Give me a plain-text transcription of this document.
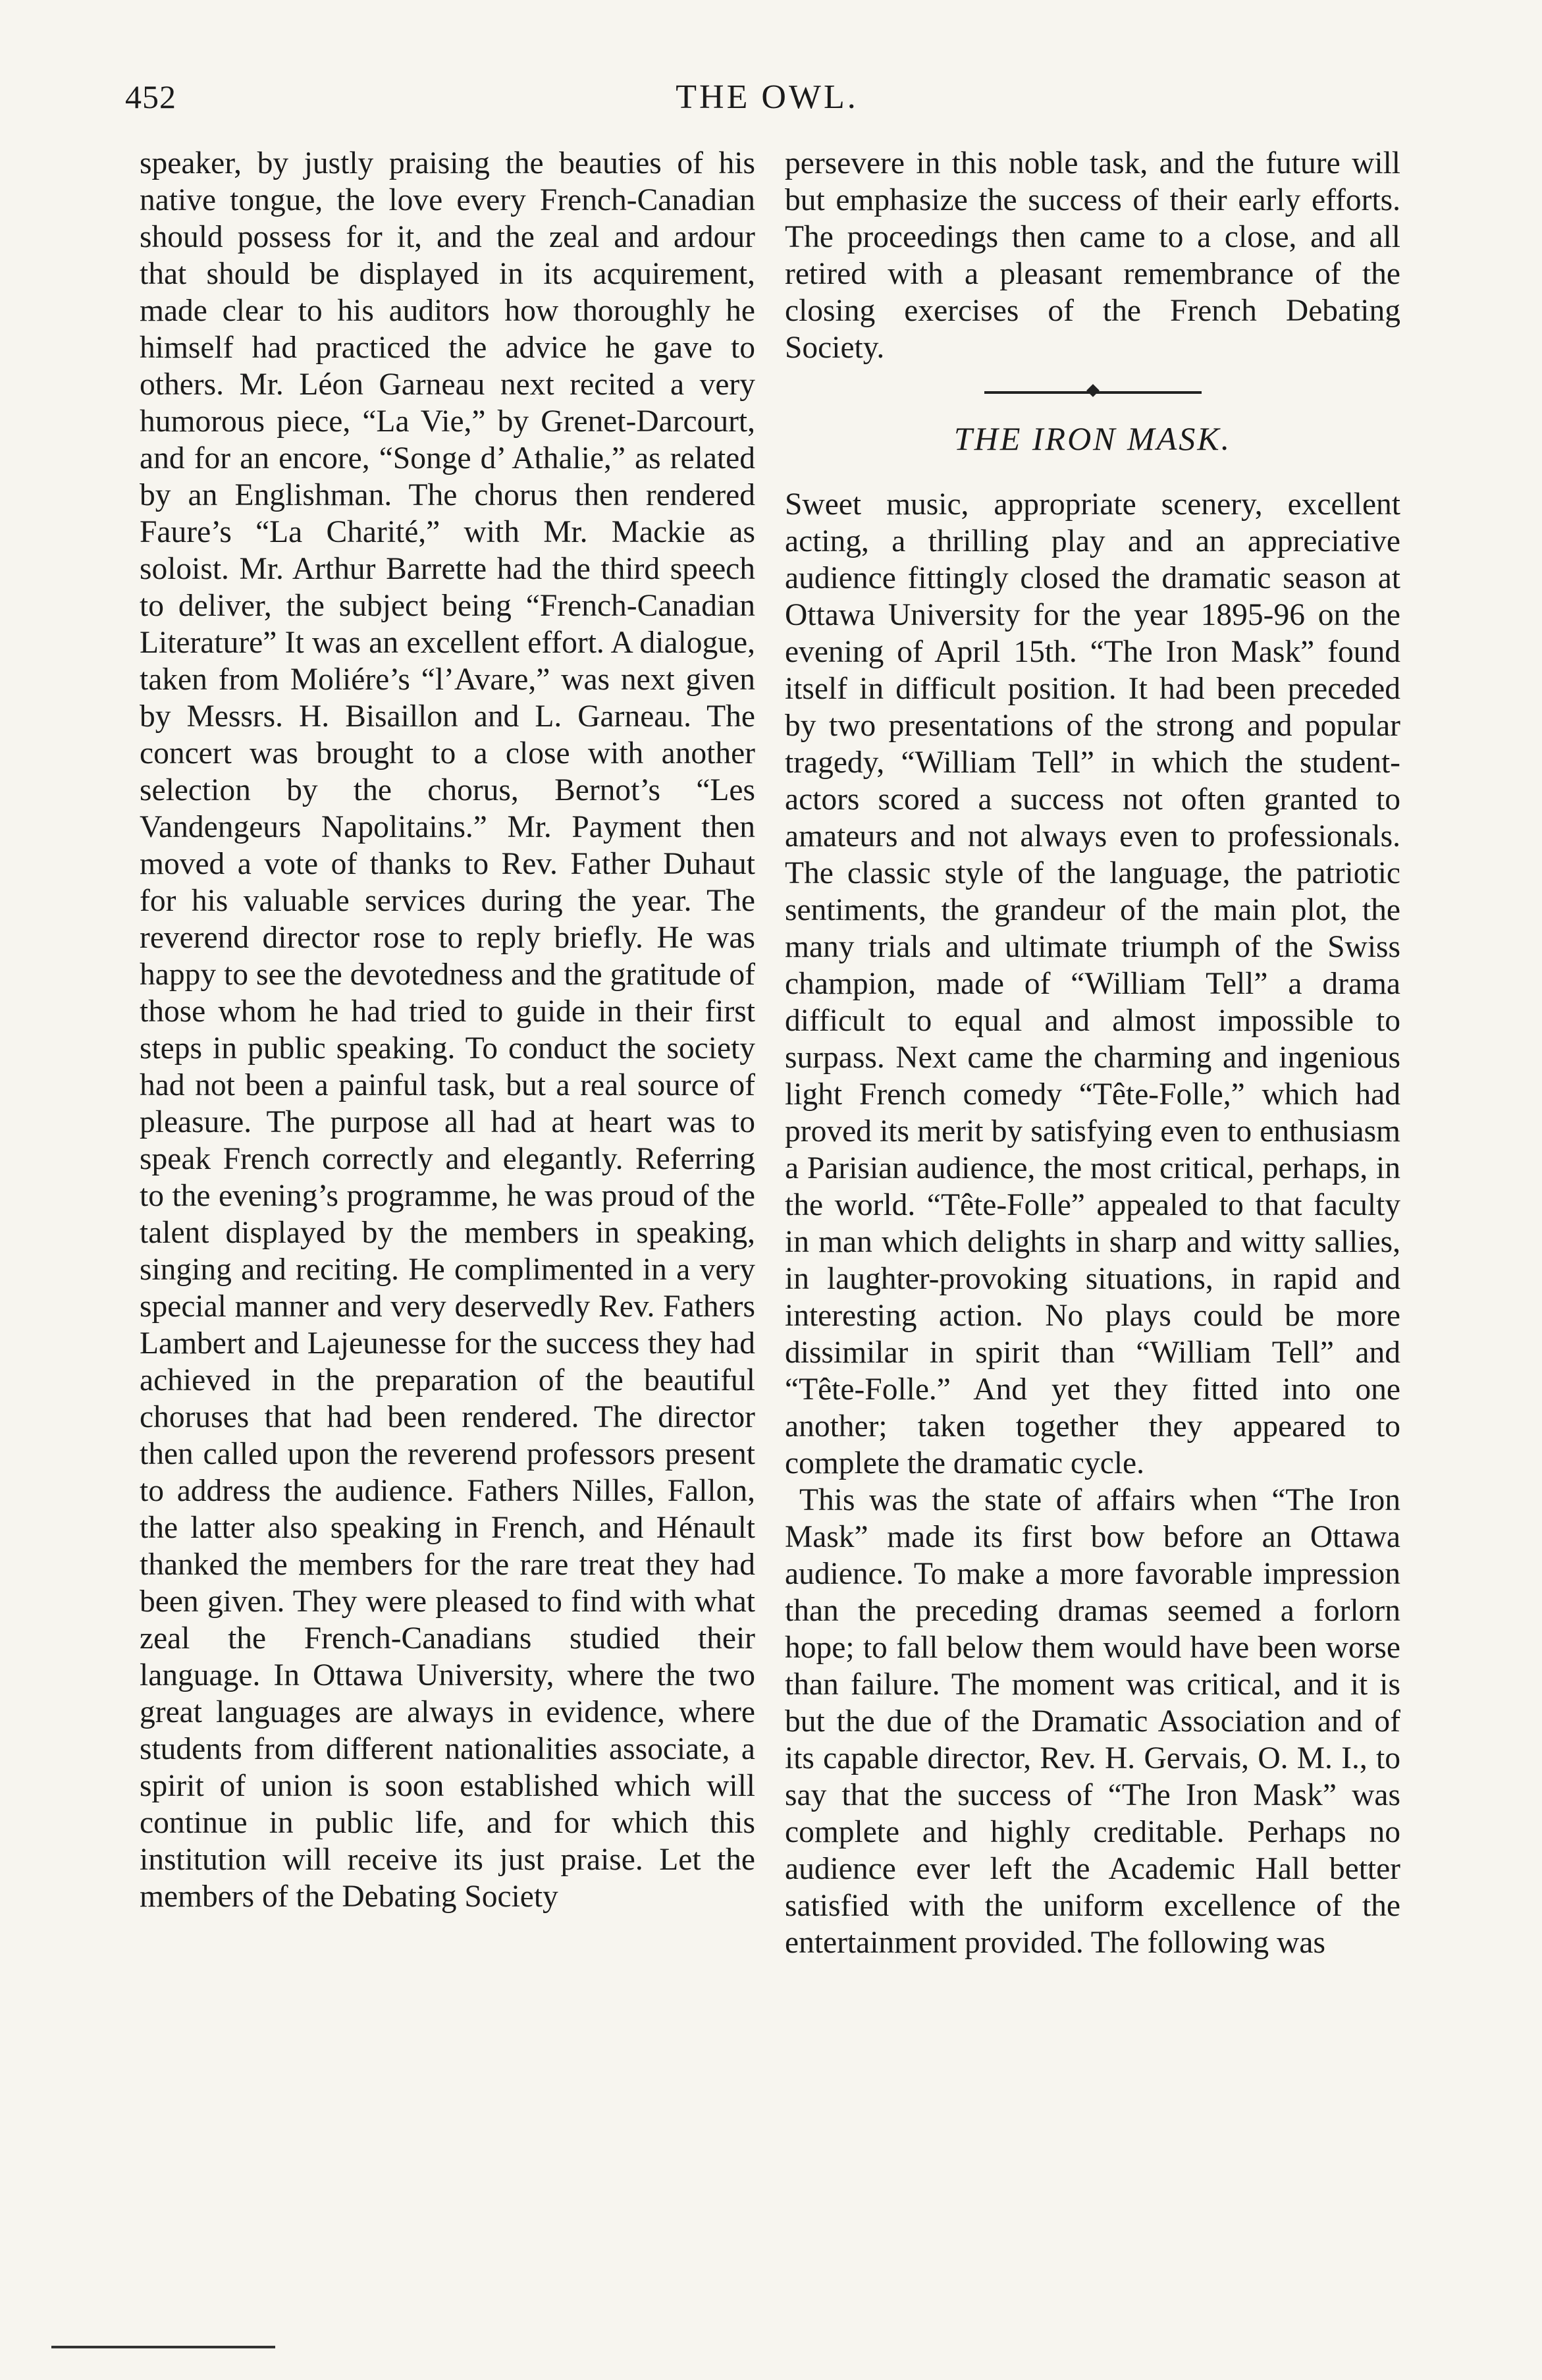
452	THE OWL.

speaker, by justly praising the beauties of his native tongue, the love every French-Canadian should possess for it, and the zeal and ardour that should be displayed in its acquirement, made clear to his auditors how thoroughly he himself had practiced the advice he gave to others. Mr. Léon Garneau next recited a very humorous piece, “La Vie,” by Grenet-Darcourt, and for an encore, “Songe d’ Athalie,” as related by an Englishman. The chorus then rendered Faure’s “La Charité,” with Mr. Mackie as soloist. Mr. Arthur Barrette had the third speech to deliver, the subject being “French-Canadian Literature” It was an excellent effort. A dialogue, taken from Moliére’s “l’Avare,” was next given by Messrs. H. Bisaillon and L. Garneau. The concert was brought to a close with another selection by the chorus, Bernot’s “Les Vandengeurs Napolitains.” Mr. Payment then moved a vote of thanks to Rev. Father Duhaut for his valuable services during the year. The reverend director rose to reply briefly. He was happy to see the devotedness and the gratitude of those whom he had tried to guide in their first steps in public speaking. To conduct the society had not been a painful task, but a real source of pleasure. The purpose all had at heart was to speak French correctly and elegantly. Referring to the evening’s programme, he was proud of the talent displayed by the members in speaking, singing and reciting. He complimented in a very special manner and very deservedly Rev. Fathers Lambert and Lajeunesse for the success they had achieved in the preparation of the beautiful choruses that had been rendered. The director then called upon the reverend professors present to address the audience. Fathers Nilles, Fallon, the latter also speaking in French, and Hénault thanked the members for the rare treat they had been given. They were pleased to find with what zeal the French-Canadians studied their language. In Ottawa University, where the two great languages are always in evidence, where students from different nationalities associate, a spirit of union is soon established which will continue in public life, and for which this institution will receive its just praise. Let the members of the Debating Society

persevere in this noble task, and the future will but emphasize the success of their early efforts. The proceedings then came to a close, and all retired with a pleasant remembrance of the closing exercises of the French Debating Society.

THE IRON MASK.

Sweet music, appropriate scenery, excellent acting, a thrilling play and an appreciative audience fittingly closed the dramatic season at Ottawa University for the year 1895-96 on the evening of April 15th. “The Iron Mask” found itself in difficult position. It had been preceded by two presentations of the strong and popular tragedy, “William Tell” in which the student-actors scored a success not often granted to amateurs and not always even to professionals. The classic style of the language, the patriotic sentiments, the grandeur of the main plot, the many trials and ultimate triumph of the Swiss champion, made of “William Tell” a drama difficult to equal and almost impossible to surpass. Next came the charming and ingenious light French comedy “Tête-Folle,” which had proved its merit by satisfying even to enthusiasm a Parisian audience, the most critical, perhaps, in the world. “Tête-Folle” appealed to that faculty in man which delights in sharp and witty sallies, in laughter-provoking situations, in rapid and interesting action. No plays could be more dissimilar in spirit than “William Tell” and “Tête-Folle.” And yet they fitted into one another; taken together they appeared to complete the dramatic cycle.

This was the state of affairs when “The Iron Mask” made its first bow before an Ottawa audience. To make a more favorable impression than the preceding dramas seemed a forlorn hope; to fall below them would have been worse than failure. The moment was critical, and it is but the due of the Dramatic Association and of its capable director, Rev. H. Gervais, O. M. I., to say that the success of “The Iron Mask” was complete and highly creditable. Perhaps no audience ever left the Academic Hall better satisfied with the uniform excellence of the entertainment provided. The following was
